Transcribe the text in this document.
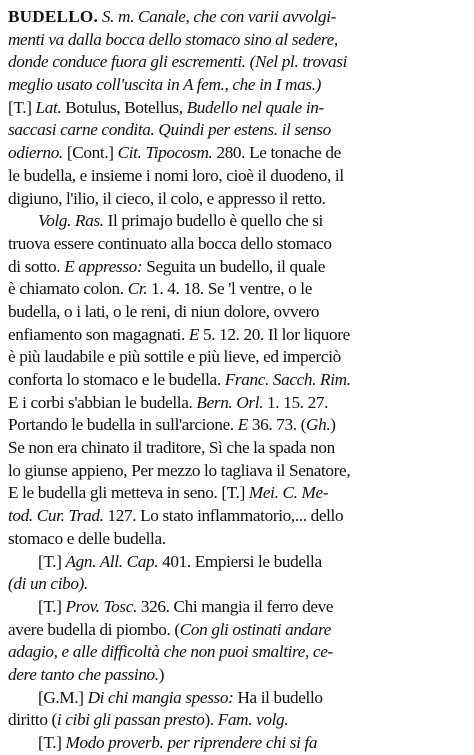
BUDELLO. S. m. Canale, che con varii avvolgi-
menti va dalla bocca dello stomaco sino al sedere,
donde conduce fuora gli escrementi. (Nel pl. trovasi
meglio usato coll'uscita in A fem., che in I mas.)
[T.] Lat. Botulus, Botellus, Budello nel quale in-
saccasi carne condita. Quindi per estens. il senso
odierno. [Cont.] Cit. Tipocosm. 280. Le tonache de
le budella, e insieme i nomi loro, cioè il duodeno, il
digiuno, l'ilio, il cieco, il colo, e appresso il retto.
Volg. Ras. Il primajo budello è quello che si
truova essere continuato alla bocca dello stomaco
di sotto. E appresso: Seguita un budello, il quale
è chiamato colon. Cr. 1. 4. 18. Se 'l ventre, o le
budella, o i lati, o le reni, di niun dolore, ovvero
enfiamento son magagnati. E 5. 12. 20. Il lor liquore
è più laudabile e più sottile e più lieve, ed imperciò
conforta lo stomaco e le budella. Franc. Sacch. Rim.
E i corbi s'abbian le budella. Bern. Orl. 1. 15. 27.
Portando le budella in sull'arcione. E 36. 73. (Gh.)
Se non era chinato il traditore, Sì che la spada non
lo giunse appieno, Per mezzo lo tagliava il Senatore,
E le budella gli metteva in seno. [T.] Mei. C. Me-
tod. Cur. Trad. 127. Lo stato inflammatorio,... dello
stomaco e delle budella.
[T.] Agn. All. Cap. 401. Empiersi le budella
(di un cibo).
[T.] Prov. Tosc. 326. Chi mangia il ferro deve
avere budella di piombo. (Con gli ostinati andare
adagio, e alle difficoltà che non puoi smaltire, ce-
dere tanto che passino.)
[G.M.] Di chi mangia spesso: Ha il budello
diritto (i cibi gli passan presto). Fam. volg.
[T.] Modo proverb. per riprendere chi si fa
